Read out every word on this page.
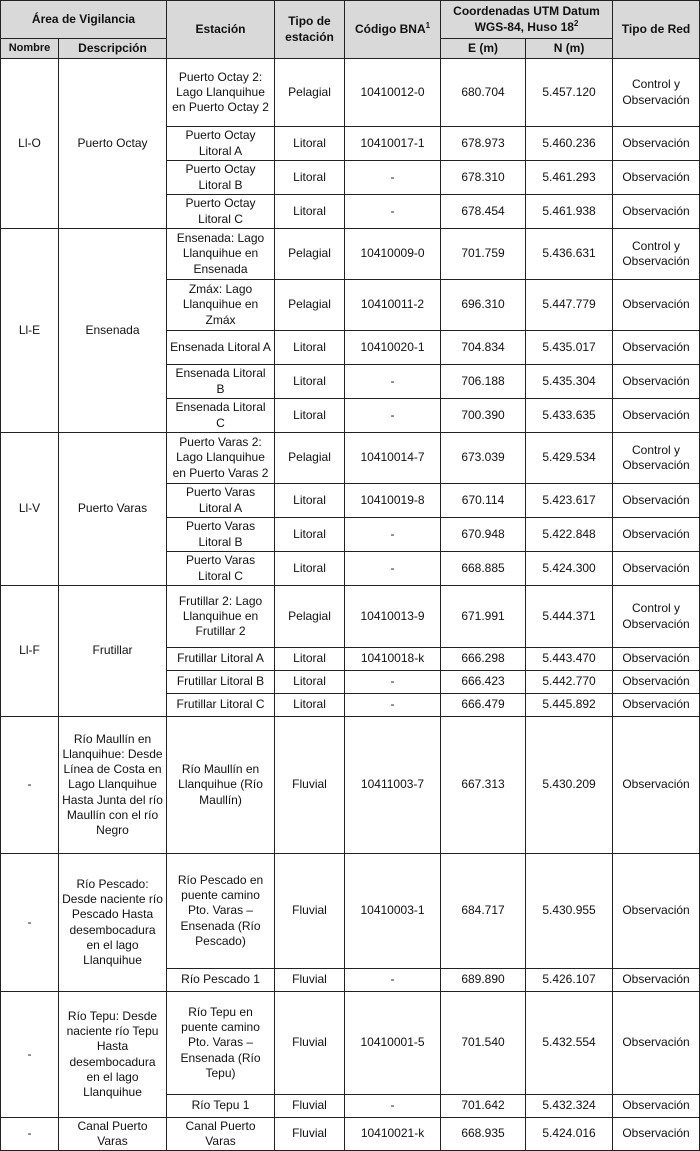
Área de Vigilancia		Estación	Tipo de estación	Código BNA$^1$	Coordenadas UTM Datum WGS-84, Huso $18^2$		Tipo de Red
Nombre	Descripción				E (m)	N (m)	
Ll-O	Puerto Octay	Puerto Octay 2: Lago Llanquihue en Puerto Octay 2	Pelagial	10410012-0	680.704	5.457.120	Control y Observación
		Puerto Octay Litoral A	Litoral	10410017-1	678.973	5.460.236	Observación
		Puerto Octay Litoral B	Litoral	-	678.310	5.461.293	Observación
		Puerto Octay Litoral C	Litoral	-	678.454	5.461.938	Observación
Ll-E	Ensenada	Ensenada: Lago Llanquihue en Ensenada	Pelagial	10410009-0	701.759	5.436.631	Control y Observación
		Zmáx: Lago Llanquihue en Zmáx	Pelagial	10410011-2	696.310	5.447.779	Observación
		Ensenada Litoral A	Litoral	10410020-1	704.834	5.435.017	Observación
		Ensenada Litoral B	Litoral	-	706.188	5.435.304	Observación
		Ensenada Litoral C	Litoral	-	700.390	5.433.635	Observación
Ll-V	Puerto Varas	Puerto Varas 2: Lago Llanquihue en Puerto Varas 2	Pelagial	10410014-7	673.039	5.429.534	Control y Observación
		Puerto Varas Litoral A	Litoral	10410019-8	670.114	5.423.617	Observación
		Puerto Varas Litoral B	Litoral	-	670.948	5.422.848	Observación
		Puerto Varas Litoral C	Litoral	-	668.885	5.424.300	Observación
Ll-F	Frutillar	Frutillar 2: Lago Llanquihue en Frutillar 2	Pelagial	10410013-9	671.991	5.444.371	Control y Observación
		Frutillar Litoral A	Litoral	10410018-k	666.298	5.443.470	Observación
		Frutillar Litoral B	Litoral	-	666.423	5.442.770	Observación
		Frutillar Litoral C	Litoral	-	666.479	5.445.892	Observación
-	Río Maullín en Llanquihue: Desde Línea de Costa en Lago Llanquihue Hasta Junta del río Maullín con el río Negro	Río Maullín en Llanquihue (Río Maullín)	Fluvial	10411003-7	667.313	5.430.209	Observación
-	Río Pescado: Desde naciente río Pescado Hasta desembocadura en el lago Llanquihue	Río Pescado en puente camino Pto. Varas – Ensenada (Río Pescado)	Fluvial	10410003-1	684.717	5.430.955	Observación
		Río Pescado 1	Fluvial	-	689.890	5.426.107	Observación
-	Río Tepu: Desde naciente río Tepu Hasta desembocadura en el lago Llanquihue	Río Tepu en puente camino Pto. Varas – Ensenada (Río Tepu)	Fluvial	10410001-5	701.540	5.432.554	Observación
		Río Tepu 1	Fluvial	-	701.642	5.432.324	Observación
-	Canal Puerto Varas	Canal Puerto Varas	Fluvial	10410021-k	668.935	5.424.016	Observación
